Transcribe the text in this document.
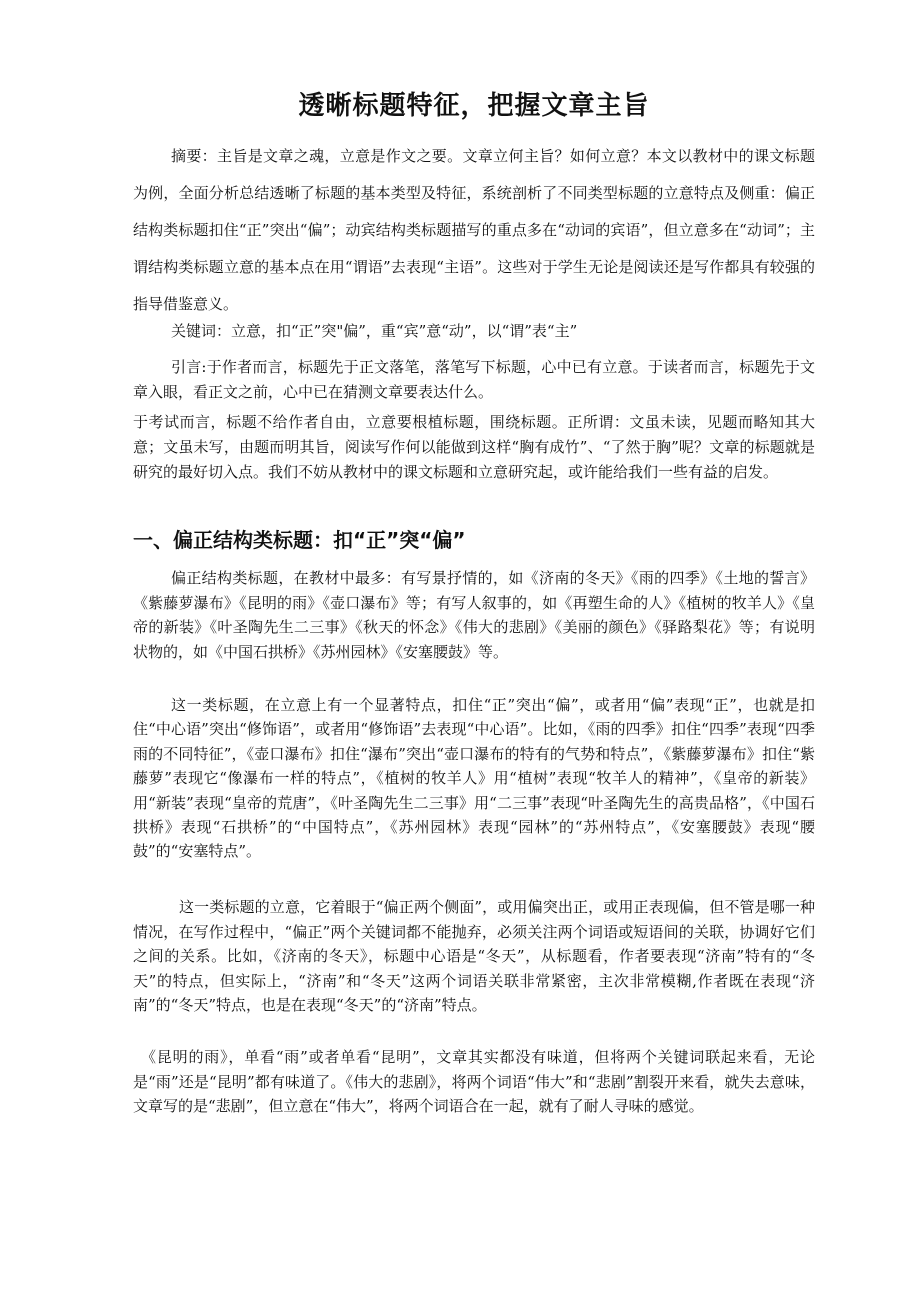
透晰标题特征，把握文章主旨

摘要：主旨是文章之魂，立意是作文之要。文章立何主旨？如何立意？本文以教材中的课文标题为例，全面分析总结透晰了标题的基本类型及特征，系统剖析了不同类型标题的立意特点及侧重：偏正结构类标题扣住“正”突出“偏”；动宾结构类标题描写的重点多在“动词的宾语”，但立意多在“动词”；主谓结构类标题立意的基本点在用“谓语”去表现“主语”。这些对于学生无论是阅读还是写作都具有较强的指导借鉴意义。

关键词：立意，扣“正”突"偏”，重“宾”意“动”，以“谓”表“主”

引言:于作者而言，标题先于正文落笔，落笔写下标题，心中已有立意。于读者而言，标题先于文章入眼，看正文之前，心中已在猜测文章要表达什么。

于考试而言，标题不给作者自由，立意要根植标题，围绕标题。正所谓：文虽未读，见题而略知其大意；文虽未写，由题而明其旨，阅读写作何以能做到这样“胸有成竹”、“了然于胸”呢？文章的标题就是研究的最好切入点。我们不妨从教材中的课文标题和立意研究起，或许能给我们一些有益的启发。

一、偏正结构类标题：扣“正”突“偏”

偏正结构类标题，在教材中最多：有写景抒情的，如《济南的冬天》《雨的四季》《土地的誓言》《紫藤萝瀑布》《昆明的雨》《壶口瀑布》等；有写人叙事的，如《再塑生命的人》《植树的牧羊人》《皇帝的新装》《叶圣陶先生二三事》《秋天的怀念》《伟大的悲剧》《美丽的颜色》《驿路梨花》等；有说明状物的，如《中国石拱桥》《苏州园林》《安塞腰鼓》等。

这一类标题，在立意上有一个显著特点，扣住“正”突出“偏”，或者用“偏”表现“正”，也就是扣住“中心语”突出“修饰语”，或者用“修饰语”去表现“中心语”。比如，《雨的四季》扣住“四季”表现“四季雨的不同特征”，《壶口瀑布》扣住“瀑布”突出“壶口瀑布的特有的气势和特点”，《紫藤萝瀑布》扣住“紫藤萝”表现它“像瀑布一样的特点”，《植树的牧羊人》用“植树”表现“牧羊人的精神”，《皇帝的新装》用“新装”表现“皇帝的荒唐”，《叶圣陶先生二三事》用“二三事”表现“叶圣陶先生的高贵品格”，《中国石拱桥》表现“石拱桥”的“中国特点”，《苏州园林》表现“园林”的“苏州特点”，《安塞腰鼓》表现“腰鼓”的“安塞特点”。

这一类标题的立意，它着眼于“偏正两个侧面”，或用偏突出正，或用正表现偏，但不管是哪一种情况，在写作过程中，“偏正”两个关键词都不能抛弃，必须关注两个词语或短语间的关联，协调好它们之间的关系。比如，《济南的冬天》，标题中心语是“冬天”，从标题看，作者要表现“济南”特有的“冬天”的特点，但实际上，“济南”和“冬天”这两个词语关联非常紧密，主次非常模糊,作者既在表现“济南”的“冬天”特点，也是在表现“冬天”的“济南”特点。

《昆明的雨》，单看“雨”或者单看“昆明”，文章其实都没有味道，但将两个关键词联起来看，无论是“雨”还是“昆明”都有味道了。《伟大的悲剧》，将两个词语“伟大”和“悲剧”割裂开来看，就失去意味，文章写的是“悲剧”，但立意在“伟大”，将两个词语合在一起，就有了耐人寻味的感觉。
